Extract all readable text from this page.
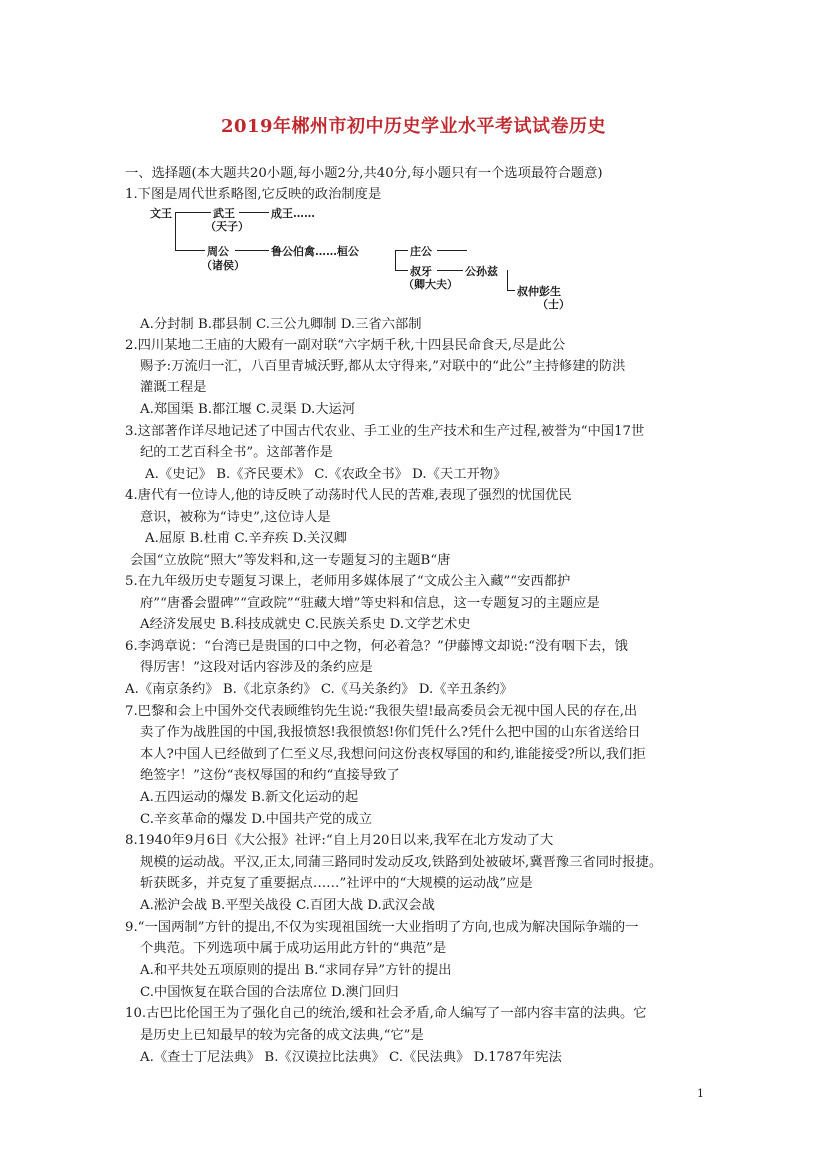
2019年郴州市初中历史学业水平考试试卷历史
一、选择题(本大题共20小题,每小题2分,共40分,每小题只有一个选项最符合题意)
1.下图是周代世系略图,它反映的政治制度是
A.分封制 B.郡县制 C.三公九卿制 D.三省六部制
2.四川某地二王庙的大殿有一副对联“六字炳千秋,十四县民命食天,尽是此公
赐予:万流归一汇，八百里青城沃野,都从太守得来,”对联中的“此公”主持修建的防洪
灌溉工程是
A.郑国渠 B.都江堰 C.灵渠 D.大运河
3.这部著作详尽地记述了中国古代农业、手工业的生产技术和生产过程,被誉为“中国17世
纪的工艺百科全书”。这部著作是
A.《史记》 B.《齐民要术》 C.《农政全书》 D.《天工开物》
4.唐代有一位诗人,他的诗反映了动荡时代人民的苦难,表现了强烈的忧国优民
意识，被称为“诗史”,这位诗人是
A.屈原 B.杜甫 C.辛弃疾 D.关汉卿
会国“立放院“照大”等发料和,这一专题复习的主题B“唐
5.在九年级历史专题复习课上，老师用多媒体展了“文成公主入藏”“安西都护
府”“唐番会盟碑”“宣政院”“驻藏大增”等史料和信息，这一专题复习的主题应是
A经济发展史 B.科技成就史 C.民族关系史 D.文学艺术史
6.李鸿章说：“台湾已是贵国的口中之物，何必着急？”伊藤博文却说:“没有咽下去，饿
得厉害！”这段对话内容涉及的条约应是
A.《南京条约》 B.《北京条约》 C.《马关条约》 D.《辛丑条约》
7.巴黎和会上中国外交代表顾维钧先生说:“我很失望!最高委员会无视中国人民的存在,出
卖了作为战胜国的中国,我报愤怒!我很愤怒!你们凭什么?凭什么把中国的山东省送给日
本人?中国人已经做到了仁至义尽,我想问问这份丧权辱国的和约,谁能接受?所以,我们拒
绝签字！”这份“丧权辱国的和约“直接导致了
A.五四运动的爆发 B.新文化运动的起
C.辛亥革命的爆发 D.中国共产党的成立
8.1940年9月6日《大公报》社评:“自上月20日以来,我军在北方发动了大
规模的运动战。平汉,正太,同蒲三路同时发动反攻,铁路到处被破坏,冀晋豫三省同时报捷。
斩获既多，并克复了重要据点……”社评中的“大规模的运动战”应是
A.淞沪会战 B.平型关战役 C.百团大战 D.武汉会战
9.“一国两制”方针的提出,不仅为实现祖国统一大业指明了方向,也成为解决国际争端的一
个典范。下列选项中属于成功运用此方针的“典范”是
A.和平共处五项原则的提出 B.“求同存异”方针的提出
C.中国恢复在联合国的合法席位 D.澳门回归
10.古巴比伦国王为了强化自己的统治,缓和社会矛盾,命人编写了一部内容丰富的法典。它
是历史上已知最早的较为完备的成文法典,“它”是
A.《查士丁尼法典》 B.《汉谟拉比法典》 C.《民法典》 D.1787年宪法
文王	武王	成王……
（天子）
周公
（诸侯）
鲁公伯禽……桓公	庄公
叔牙
（卿大夫）
公孙兹
叔仲彭生
（士）
1
